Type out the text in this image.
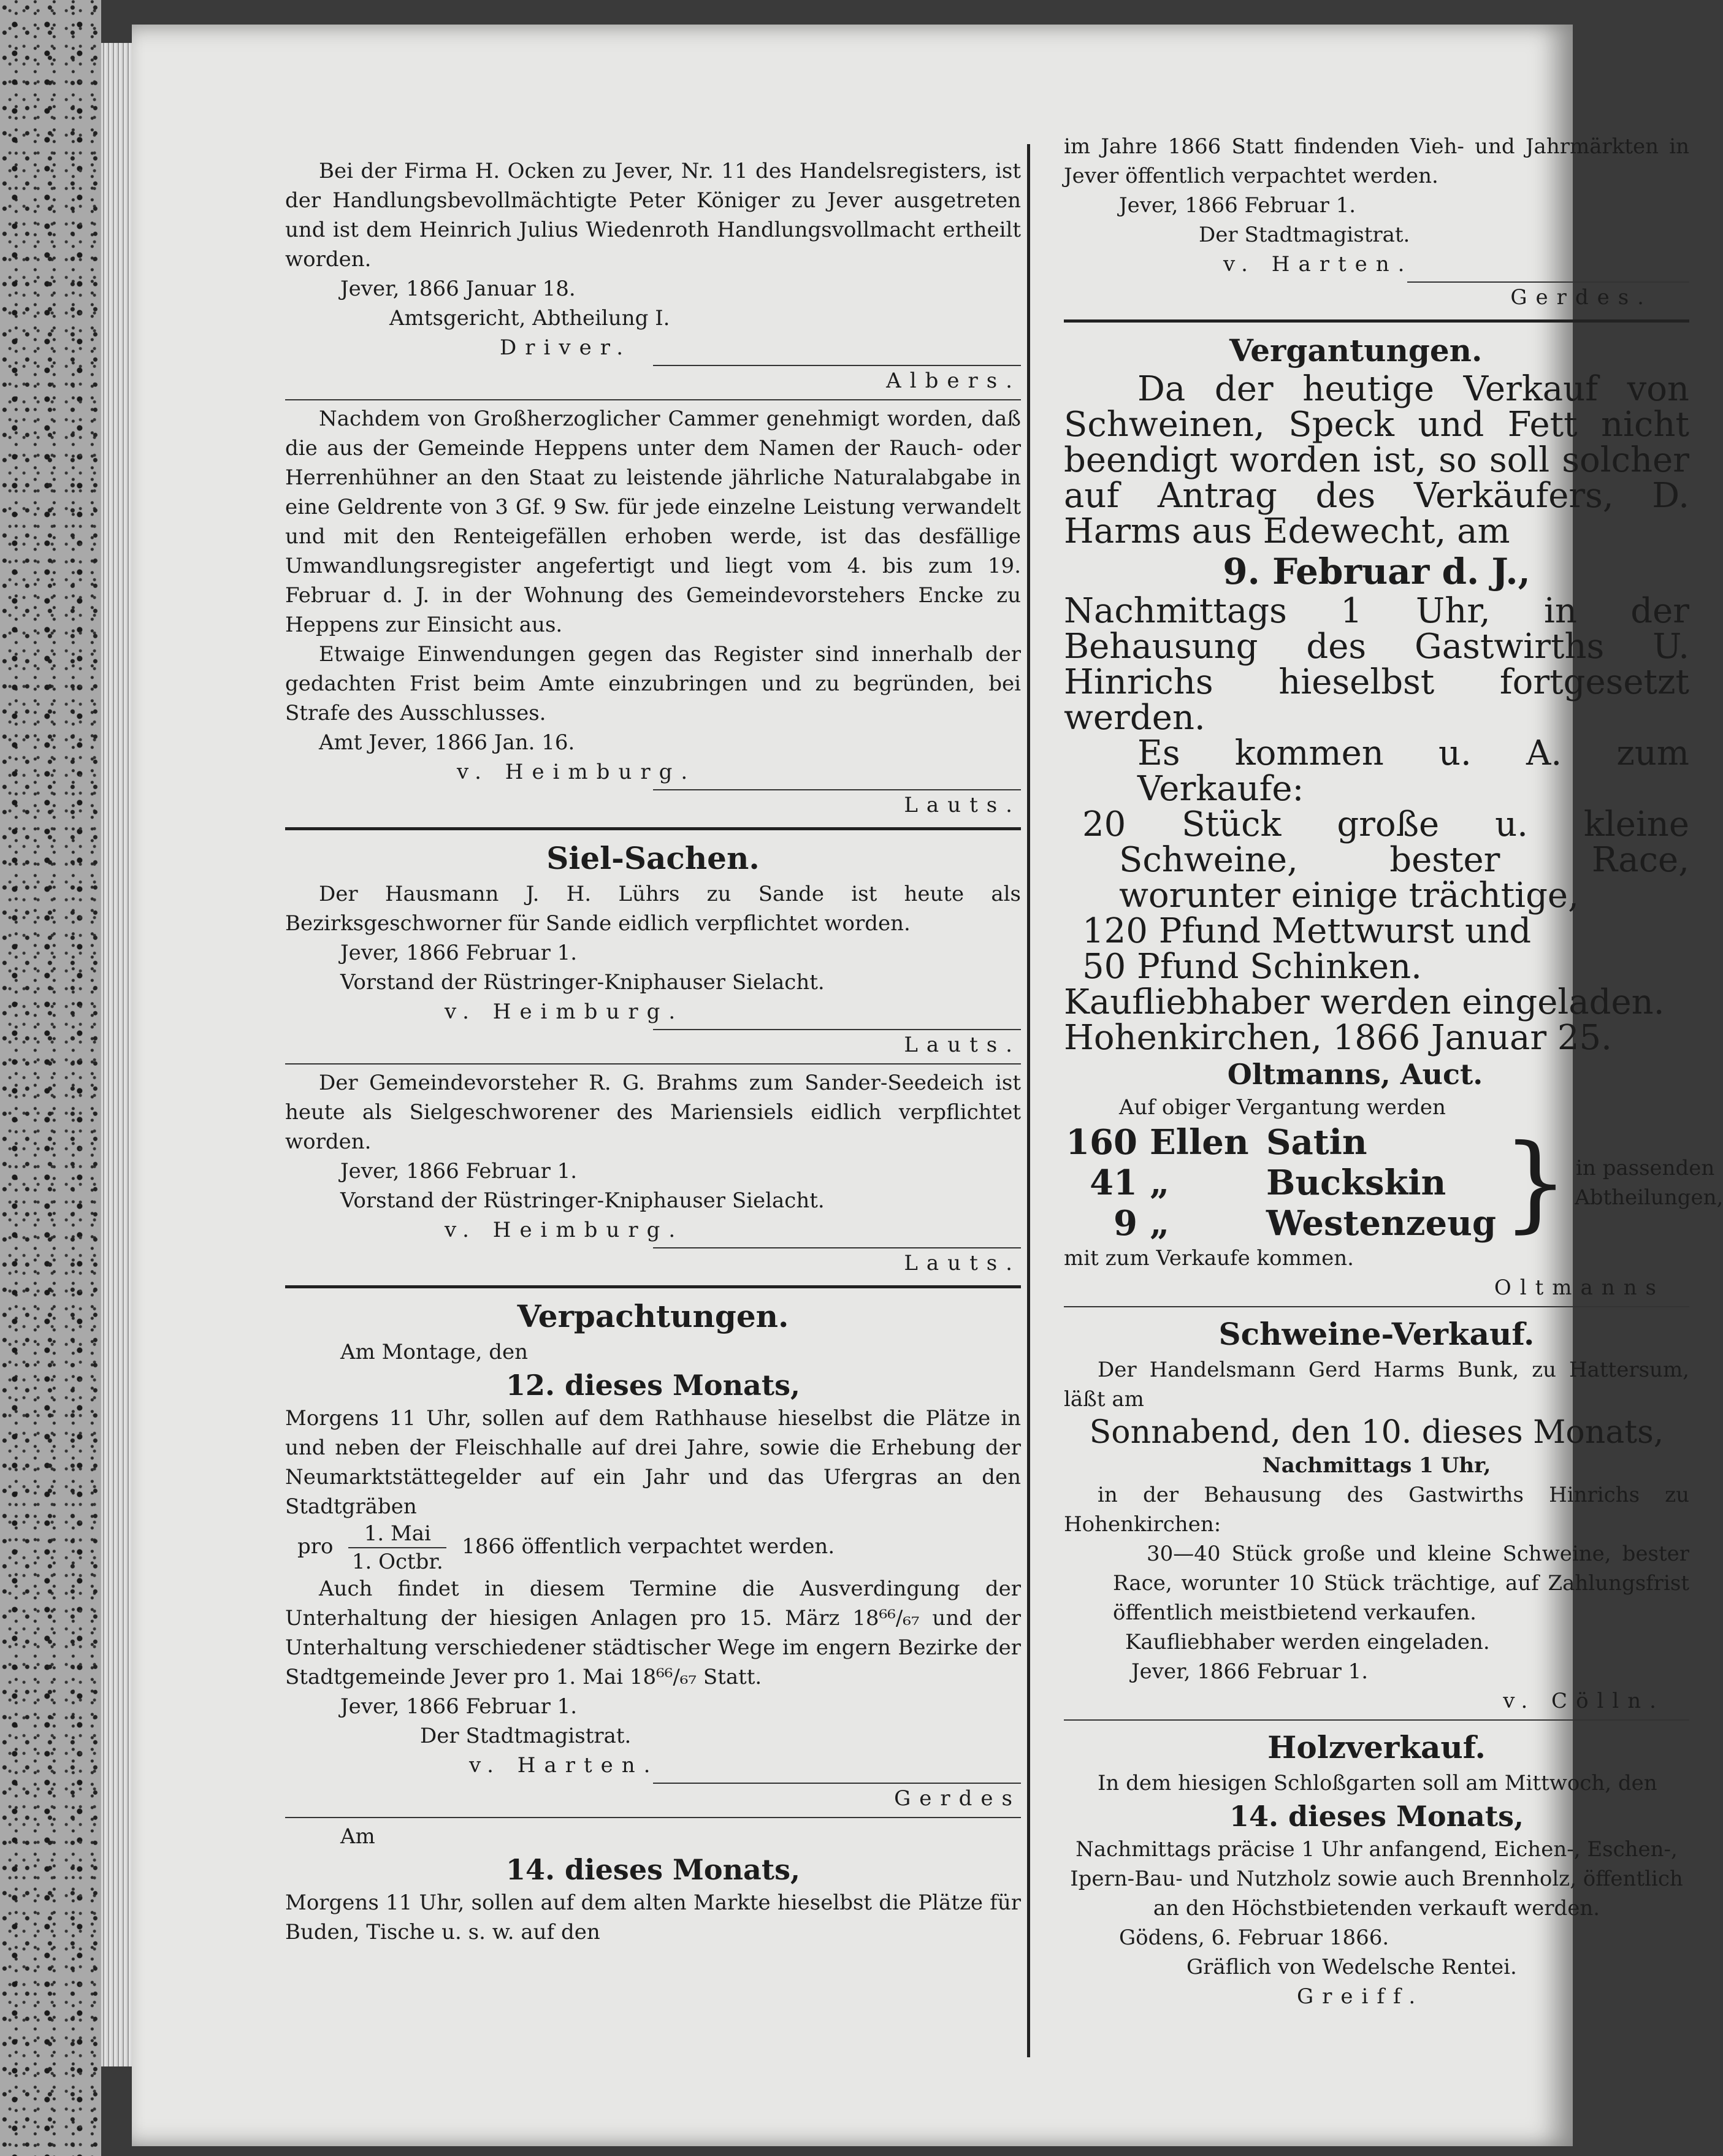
Bei der Firma H. Ocken zu Jever, Nr. 11 des Handelsregisters, ist der Handlungsbevollmächtigte Peter Königer zu Jever ausgetreten und ist dem Heinrich Julius Wiedenroth Handlungsvollmacht ertheilt worden.

Jever, 1866 Januar 18.

Amtsgericht, Abtheilung I.

Driver.

Albers.

Nachdem von Großherzoglicher Cammer genehmigt worden, daß die aus der Gemeinde Heppens unter dem Namen der Rauch- oder Herrenhühner an den Staat zu leistende jährliche Naturalabgabe in eine Geldrente von 3 Gf. 9 Sw. für jede einzelne Leistung verwandelt und mit den Renteigefällen erhoben werde, ist das desfällige Umwandlungsregister angefertigt und liegt vom 4. bis zum 19. Februar d. J. in der Wohnung des Gemeindevorstehers Encke zu Heppens zur Einsicht aus.

Etwaige Einwendungen gegen das Register sind innerhalb der gedachten Frist beim Amte einzubringen und zu begründen, bei Strafe des Ausschlusses.

Amt Jever, 1866 Jan. 16.

v. Heimburg.

Lauts.

Siel-Sachen.

Der Hausmann J. H. Lührs zu Sande ist heute als Bezirksgeschworner für Sande eidlich verpflichtet worden.

Jever, 1866 Februar 1.

Vorstand der Rüstringer-Kniphauser Sielacht.

v. Heimburg.

Lauts.

Der Gemeindevorsteher R. G. Brahms zum Sander-Seedeich ist heute als Sielgeschworener des Mariensiels eidlich verpflichtet worden.

Jever, 1866 Februar 1.

Vorstand der Rüstringer-Kniphauser Sielacht.

v. Heimburg.

Lauts.

Verpachtungen.

Am Montage, den

12. dieses Monats,

Morgens 11 Uhr, sollen auf dem Rathhause hieselbst die Plätze in und neben der Fleischhalle auf drei Jahre, sowie die Erhebung der Neumarktstättegelder auf ein Jahr und das Ufergras an den Stadtgräben

pro $\frac{\text{1. Mai}}{\text{1. Octbr.}} 1866$ öffentlich verpachtet werden.

Auch findet in diesem Termine die Ausverdingung der Unterhaltung der hiesigen Anlagen pro 15. März 18⁶⁶/₆₇ und der Unterhaltung verschiedener städtischer Wege im engern Bezirke der Stadtgemeinde Jever pro 1. Mai 18⁶⁶/₆₇ Statt.

Jever, 1866 Februar 1.

Der Stadtmagistrat.

v. Harten.

Gerdes

Am

14. dieses Monats,

Morgens 11 Uhr, sollen auf dem alten Markte hieselbst die Plätze für Buden, Tische u. s. w. auf den

im Jahre 1866 Statt findenden Vieh- und Jahrmärkten in Jever öffentlich verpachtet werden.

Jever, 1866 Februar 1.

Der Stadtmagistrat.

v. Harten.

Gerdes.

Vergantungen.

Da der heutige Verkauf von Schweinen, Speck und Fett nicht beendigt worden ist, so soll solcher auf Antrag des Verkäufers, D. Harms aus Edewecht, am

9. Februar d. J.,

Nachmittags 1 Uhr, in der Behausung des Gastwirths U. Hinrichs hieselbst fortgesetzt werden.

Es kommen u. A. zum Verkaufe:

20 Stück große u. kleine Schweine, bester Race, worunter einige trächtige,

120 Pfund Mettwurst und

50 Pfund Schinken.

Kaufliebhaber werden eingeladen.

Hohenkirchen, 1866 Januar 25.

Oltmanns, Auct.

Auf obiger Vergantung werden

160 Ellen Satin
41 „	Buckskin
9 „	Westenzeug } in passenden Abtheilungen,

mit zum Verkaufe kommen.

Oltmanns

Schweine-Verkauf.

Der Handelsmann Gerd Harms Bunk, zu Hattersum, läßt am

Sonnabend, den 10. dieses Monats,

Nachmittags 1 Uhr,

in der Behausung des Gastwirths Hinrichs zu Hohenkirchen:

30—40 Stück große und kleine Schweine, bester Race, worunter 10 Stück trächtige, auf Zahlungsfrist öffentlich meistbietend verkaufen.

Kaufliebhaber werden eingeladen.

Jever, 1866 Februar 1.

v. Cölln.

Holzverkauf.

In dem hiesigen Schloßgarten soll am Mittwoch, den

14. dieses Monats,

Nachmittags präcise 1 Uhr anfangend, Eichen-, Eschen-, Ipern-Bau- und Nutzholz sowie auch Brennholz, öffentlich an den Höchstbietenden verkauft werden.

Gödens, 6. Februar 1866.

Gräflich von Wedelsche Rentei.

Greiff.
